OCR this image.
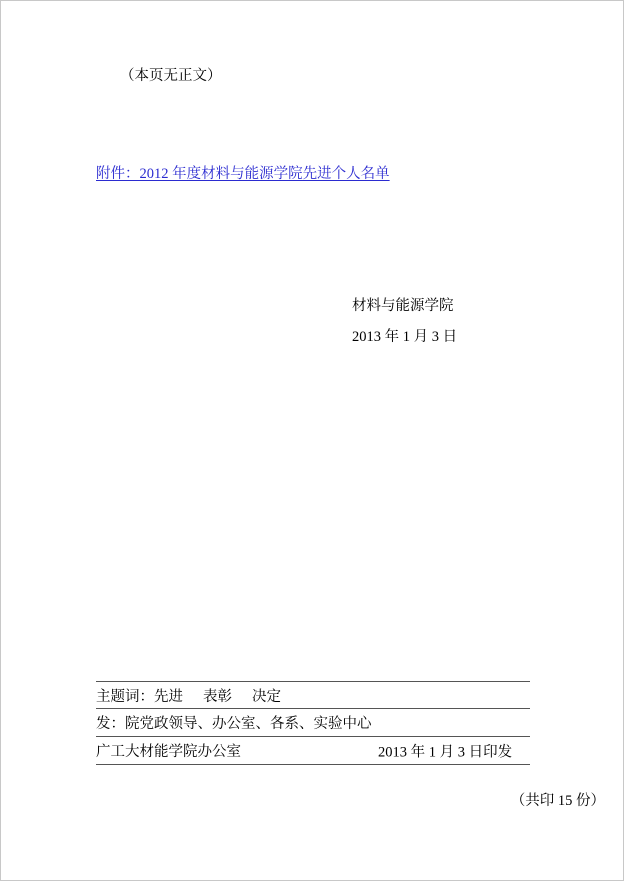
（本页无正文）
附件：2012 年度材料与能源学院先进个人名单
材料与能源学院
2013 年 1 月 3 日
主题词：先进 表彰 决定
发：院党政领导、办公室、各系、实验中心
广工大材能学院办公室	2013 年 1 月 3 日印发
（共印 15 份）
